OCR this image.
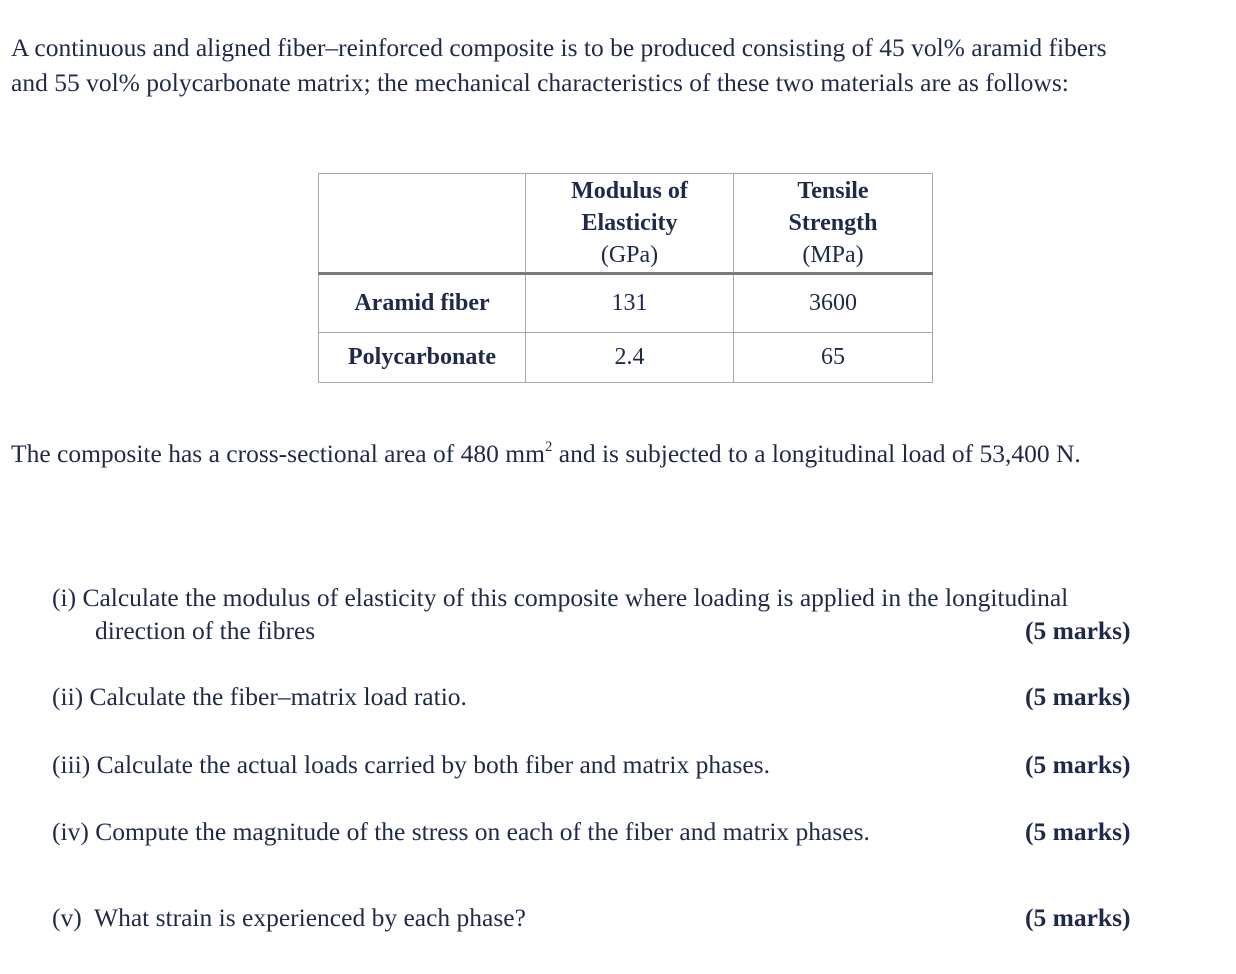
A continuous and aligned fiber–reinforced composite is to be produced consisting of 45 vol% aramid fibers
and 55 vol% polycarbonate matrix; the mechanical characteristics of these two materials are as follows:

	Modulus of
Elasticity
(GPa)	Tensile
Strength
(MPa)
Aramid fiber	131	3600
Polycarbonate	2.4	65

The composite has a cross-sectional area of 480 $mm^2$ and is subjected to a longitudinal load of 53,400 N.

(i) Calculate the modulus of elasticity of this composite where loading is applied in the longitudinal
direction of the fibres	(5 marks)

(ii) Calculate the fiber–matrix load ratio.	(5 marks)

(iii) Calculate the actual loads carried by both fiber and matrix phases.	(5 marks)

(iv) Compute the magnitude of the stress on each of the fiber and matrix phases.	(5 marks)

(v)  What strain is experienced by each phase?	(5 marks)
